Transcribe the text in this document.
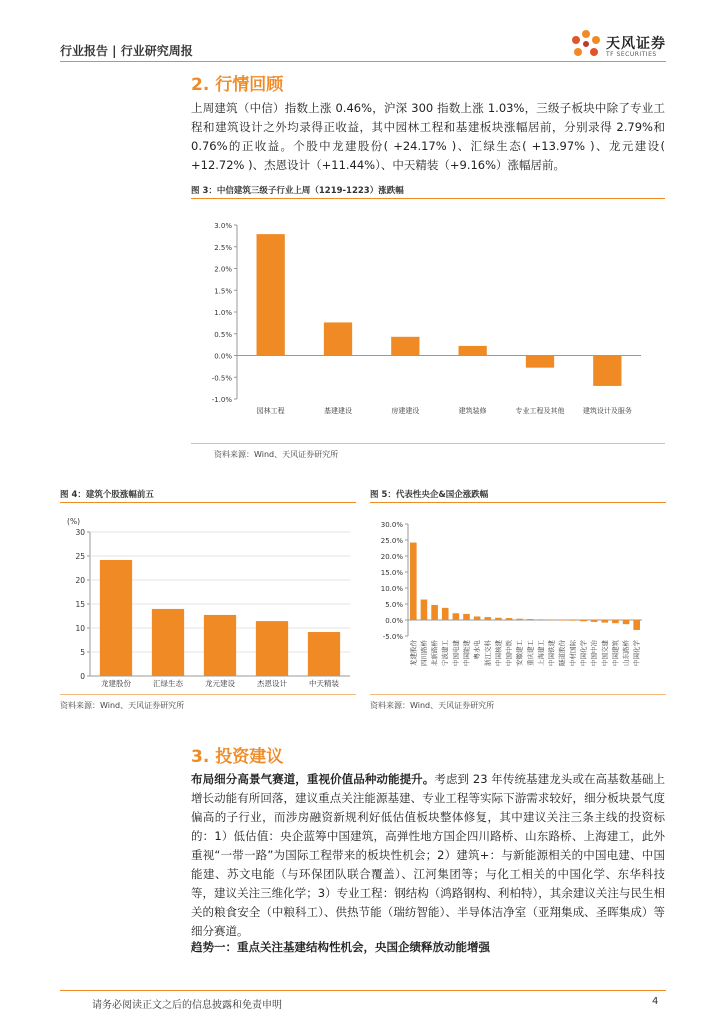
行业报告 | 行业研究周报	天风证券
TF SECURITIES
2. 行情回顾
上周建筑（中信）指数上涨 0.46%，沪深 300 指数上涨 1.03%，三级子板块中除了专业工程和建筑设计之外均录得正收益，其中园林工程和基建板块涨幅居前，分别录得 2.79%和 0.76%的正收益。个股中龙建股份( +24.17% )、汇绿生态( +13.97% )、龙元建设( +12.72% )、杰恩设计（+11.44%）、中天精装（+9.16%）涨幅居前。
图 3：中信建筑三级子行业上周（1219-1223）涨跌幅
3.0%
2.5%
2.0%
1.5%
1.0%
0.5%
0.0%
-0.5%
-1.0%
园林工程	基建建设	房建建设	建筑装修	专业工程及其他	建筑设计及服务
资料来源：Wind、天风证券研究所
图 4：建筑个股涨幅前五
30
25
20
15
10
5
0
龙建股份	汇绿生态	龙元建设	杰恩设计	中天精装
(%)
资料来源：Wind、天风证券研究所
图 5：代表性央企&国企涨跌幅
30.0%
25.0%
20.0%
15.0%
10.0%
5.0%
0.0%
-5.0%
龙建股份 四川路桥 北新路桥 宁波建工 中国电建 中国能建 粤水电 浙江交科 中国核建 中国中铁 安徽建工 重庆建工 上海建工 中国铁建 隧道股份 中材国际 中国化学 中国中冶 中国交建 中国建筑 山东路桥 中国化学
资料来源：Wind、天风证券研究所
3. 投资建议
布局细分高景气赛道，重视价值品种动能提升。考虑到 23 年传统基建龙头或在高基数基础上增长动能有所回落，建议重点关注能源基建、专业工程等实际下游需求较好，细分板块景气度偏高的子行业，而涉房融资新规利好低估值板块整体修复，其中建议关注三条主线的投资标的：1）低估值：央企蓝筹中国建筑，高弹性地方国企四川路桥、山东路桥、上海建工，此外重视“一带一路”为国际工程带来的板块性机会；2）建筑+：与新能源相关的中国电建、中国能建、苏文电能（与环保团队联合覆盖）、江河集团等；与化工相关的中国化学、东华科技等，建议关注三维化学；3）专业工程：钢结构（鸿路钢构、利柏特），其余建议关注与民生相关的粮食安全（中粮科工）、供热节能（瑞纺智能）、半导体洁净室（亚翔集成、圣晖集成）等细分赛道。
趋势一：重点关注基建结构性机会，央国企绩释放动能增强
请务必阅读正文之后的信息披露和免责申明	4
